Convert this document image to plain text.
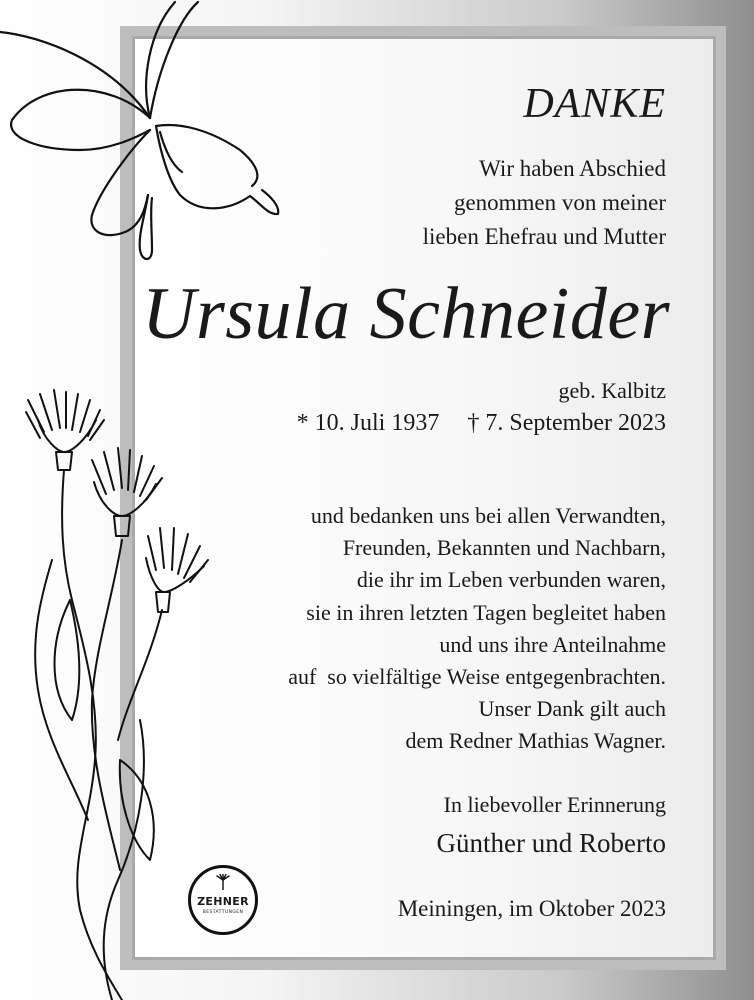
DANKE
Wir haben Abschied
genommen von meiner
lieben Ehefrau und Mutter
Ursula Schneider
geb. Kalbitz
* 10. Juli 1937 † 7. September 2023
und bedanken uns bei allen Verwandten,
Freunden, Bekannten und Nachbarn,
die ihr im Leben verbunden waren,
sie in ihren letzten Tagen begleitet haben
und uns ihre Anteilnahme
auf  so vielfältige Weise entgegenbrachten.
Unser Dank gilt auch
dem Redner Mathias Wagner.
In liebevoller Erinnerung
Günther und Roberto
Meiningen, im Oktober 2023
ZEHNER
BESTATTUNGEN
